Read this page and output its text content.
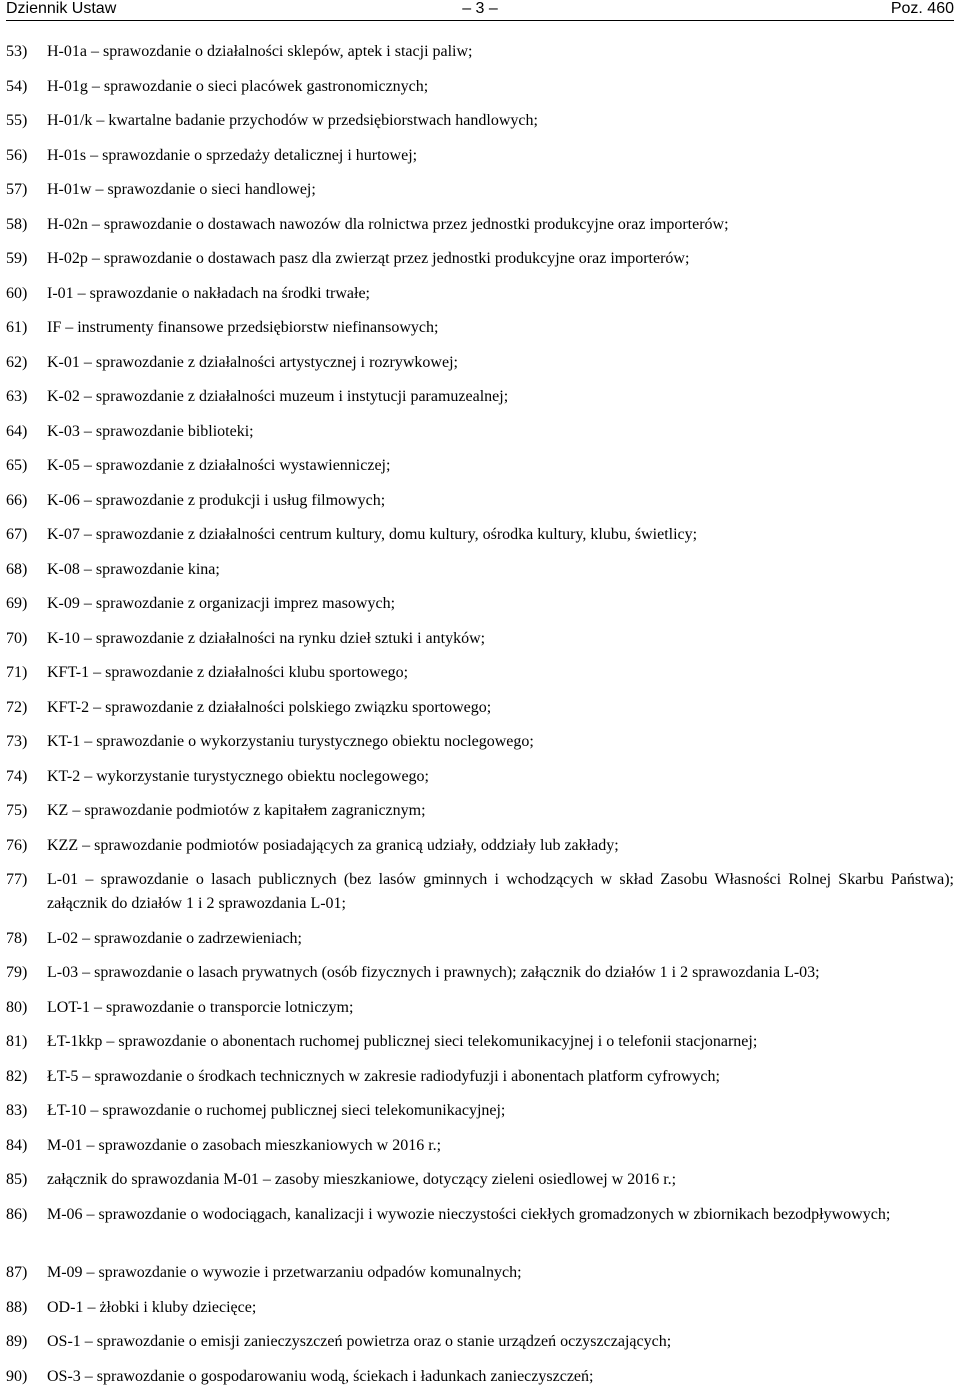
Dziennik Ustaw	– 3 –	Poz. 460
53)	H-01a – sprawozdanie o działalności sklepów, aptek i stacji paliw;
54)	H-01g – sprawozdanie o sieci placówek gastronomicznych;
55)	H-01/k – kwartalne badanie przychodów w przedsiębiorstwach handlowych;
56)	H-01s – sprawozdanie o sprzedaży detalicznej i hurtowej;
57)	H-01w – sprawozdanie o sieci handlowej;
58)	H-02n – sprawozdanie o dostawach nawozów dla rolnictwa przez jednostki produkcyjne oraz importerów;
59)	H-02p – sprawozdanie o dostawach pasz dla zwierząt przez jednostki produkcyjne oraz importerów;
60)	I-01 – sprawozdanie o nakładach na środki trwałe;
61)	IF – instrumenty finansowe przedsiębiorstw niefinansowych;
62)	K-01 – sprawozdanie z działalności artystycznej i rozrywkowej;
63)	K-02 – sprawozdanie z działalności muzeum i instytucji paramuzealnej;
64)	K-03 – sprawozdanie biblioteki;
65)	K-05 – sprawozdanie z działalności wystawienniczej;
66)	K-06 – sprawozdanie z produkcji i usług filmowych;
67)	K-07 – sprawozdanie z działalności centrum kultury, domu kultury, ośrodka kultury, klubu, świetlicy;
68)	K-08 – sprawozdanie kina;
69)	K-09 – sprawozdanie z organizacji imprez masowych;
70)	K-10 – sprawozdanie z działalności na rynku dzieł sztuki i antyków;
71)	KFT-1 – sprawozdanie z działalności klubu sportowego;
72)	KFT-2 – sprawozdanie z działalności polskiego związku sportowego;
73)	KT-1 – sprawozdanie o wykorzystaniu turystycznego obiektu noclegowego;
74)	KT-2 – wykorzystanie turystycznego obiektu noclegowego;
75)	KZ – sprawozdanie podmiotów z kapitałem zagranicznym;
76)	KZZ – sprawozdanie podmiotów posiadających za granicą udziały, oddziały lub zakłady;
77)	L-01 – sprawozdanie o lasach publicznych (bez lasów gminnych i wchodzących w skład Zasobu Własności Rolnej Skarbu Państwa); załącznik do działów 1 i 2 sprawozdania L-01;
78)	L-02 – sprawozdanie o zadrzewieniach;
79)	L-03 – sprawozdanie o lasach prywatnych (osób fizycznych i prawnych); załącznik do działów 1 i 2 sprawozdania L-03;
80)	LOT-1 – sprawozdanie o transporcie lotniczym;
81)	ŁT-1kkp – sprawozdanie o abonentach ruchomej publicznej sieci telekomunikacyjnej i o telefonii stacjonarnej;
82)	ŁT-5 – sprawozdanie o środkach technicznych w zakresie radiodyfuzji i abonentach platform cyfrowych;
83)	ŁT-10 – sprawozdanie o ruchomej publicznej sieci telekomunikacyjnej;
84)	M-01 – sprawozdanie o zasobach mieszkaniowych w 2016 r.;
85)	załącznik do sprawozdania M-01 – zasoby mieszkaniowe, dotyczący zieleni osiedlowej w 2016 r.;
86)	M-06 – sprawozdanie o wodociągach, kanalizacji i wywozie nieczystości ciekłych gromadzonych w zbiornikach bezodpływowych;
87)	M-09 – sprawozdanie o wywozie i przetwarzaniu odpadów komunalnych;
88)	OD-1 – żłobki i kluby dziecięce;
89)	OS-1 – sprawozdanie o emisji zanieczyszczeń powietrza oraz o stanie urządzeń oczyszczających;
90)	OS-3 – sprawozdanie o gospodarowaniu wodą, ściekach i ładunkach zanieczyszczeń;
